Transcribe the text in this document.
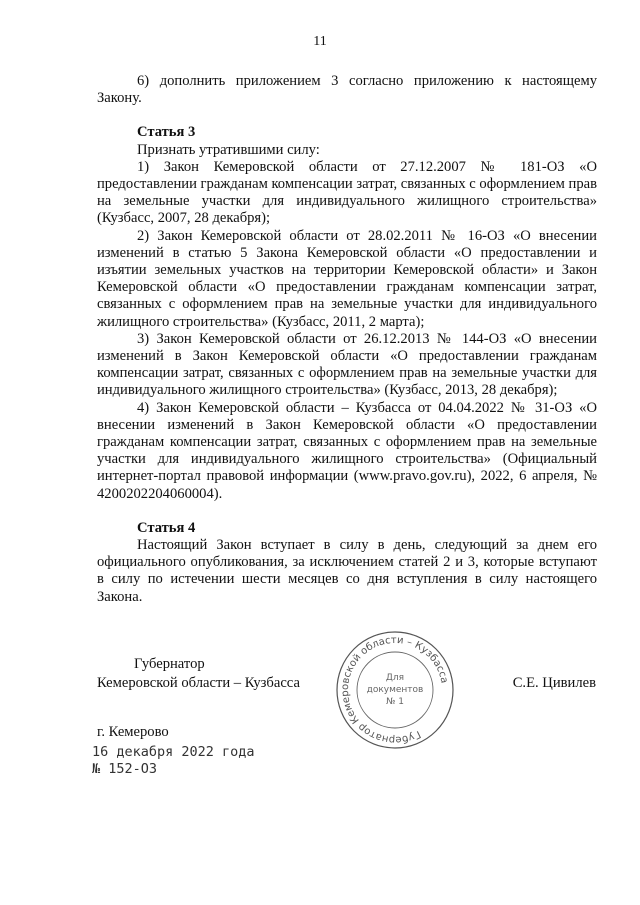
11

6) дополнить приложением 3 согласно приложению к настоящему Закону.

Статья 3

Признать утратившими силу:

1) Закон Кемеровской области от 27.12.2007 № 181-ОЗ «О предоставлении гражданам компенсации затрат, связанных с оформлением прав на земельные участки для индивидуального жилищного строительства» (Кузбасс, 2007, 28 декабря);

2) Закон Кемеровской области от 28.02.2011 № 16-ОЗ «О внесении изменений в статью 5 Закона Кемеровской области «О предоставлении и изъятии земельных участков на территории Кемеровской области» и Закон Кемеровской области «О предоставлении гражданам компенсации затрат, связанных с оформлением прав на земельные участки для индивидуального жилищного строительства» (Кузбасс, 2011, 2 марта);

3) Закон Кемеровской области от 26.12.2013 № 144-ОЗ «О внесении изменений в Закон Кемеровской области «О предоставлении гражданам компенсации затрат, связанных с оформлением прав на земельные участки для индивидуального жилищного строительства» (Кузбасс, 2013, 28 декабря);

4) Закон Кемеровской области – Кузбасса от 04.04.2022 № 31-ОЗ «О внесении изменений в Закон Кемеровской области «О предоставлении гражданам компенсации затрат, связанных с оформлением прав на земельные участки для индивидуального жилищного строительства» (Официальный интернет-портал правовой информации (www.pravo.gov.ru), 2022, 6 апреля, № 4200202204060004).

Статья 4

Настоящий Закон вступает в силу в день, следующий за днем его официального опубликования, за исключением статей 2 и 3, которые вступают в силу по истечении шести месяцев со дня вступления в силу настоящего Закона.

Губернатор
Кемеровской области – Кузбасса	С.Е. Цивилев
Губернатор Кемеровской области – Кузбасса
Для
документов
№ 1
г. Кемерово
16 декабря 2022 года
№ 152-ОЗ
